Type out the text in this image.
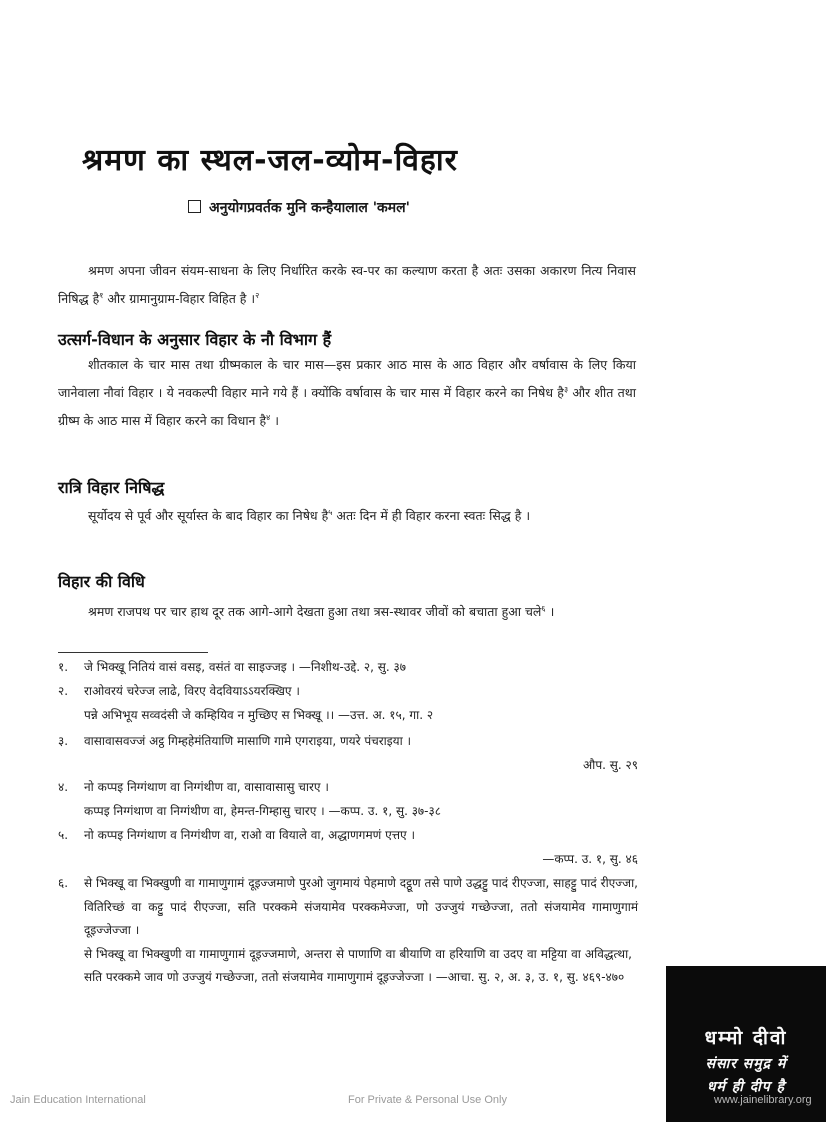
श्रमण का स्थल-जल-व्योम-विहार
अनुयोगप्रवर्तक मुनि कन्हैयालाल 'कमल'
श्रमण अपना जीवन संयम-साधना के लिए निर्धारित करके स्व-पर का कल्याण करता है अतः उसका अकारण नित्य निवास निषिद्ध है$^१$ और ग्रामानुग्राम-विहार विहित है ।$^२$
उत्सर्ग-विधान के अनुसार विहार के नौ विभाग हैं
शीतकाल के चार मास तथा ग्रीष्मकाल के चार मास—इस प्रकार आठ मास के आठ विहार और वर्षावास के लिए किया जानेवाला नौवां विहार । ये नवकल्पी विहार माने गये हैं । क्योंकि वर्षावास के चार मास में विहार करने का निषेध है$^३$ और शीत तथा ग्रीष्म के आठ मास में विहार करने का विधान है$^४$ ।
रात्रि विहार निषिद्ध
सूर्योदय से पूर्व और सूर्यास्त के बाद विहार का निषेध है$^५$ अतः दिन में ही विहार करना स्वतः सिद्ध है ।
विहार की विधि
श्रमण राजपथ पर चार हाथ दूर तक आगे-आगे देखता हुआ तथा त्रस-स्थावर जीवों को बचाता हुआ चले$^६$ ।
१. जे भिक्खू नितियं वासं वसइ, वसंतं वा साइज्जइ । —निशीथ-उद्दे. २, सु. ३७
२. राओवरयं चरेज्ज लाढे, विरए वेदवियाऽऽयरक्खिए ।
पन्ने अभिभूय सव्वदंसी जे कम्हियिव न मुच्छिए स भिक्खू ।। —उत्त. अ. १५, गा. २
३. वासावासवज्जं अट्ठ गिम्हहेमंतियाणि मासाणि गामे एगराइया, णयरे पंचराइया ।
औप. सु. २९
४. नो कप्पइ निग्गंथाण वा निग्गंथीण वा, वासावासासु चारए ।
कप्पइ निग्गंथाण वा निग्गंथीण वा, हेमन्त-गिम्हासु चारए । —कप्प. उ. १, सु. ३७-३८
५. नो कप्पइ निग्गंथाण व निग्गंथीण वा, राओ वा वियाले वा, अद्धाणगमणं एत्तए ।
—कप्प. उ. १, सु. ४६
६.	से भिक्खू वा भिक्खुणी वा गामाणुगामं दूइज्जमाणे पुरओ जुगमायं पेहमाणे दट्ठूण तसे पाणे उद्धट्टु पादं रीएज्जा, साहट्टु पादं रीएज्जा, वितिरिच्छं वा कट्टु पादं रीएज्जा, सति परक्कमे संजयामेव परक्कमेज्जा, णो उज्जुयं गच्छेज्जा, ततो संजयामेव गामाणुगामं दूइज्जेज्जा ।
से भिक्खू वा भिक्खुणी वा गामाणुगामं दूइज्जमाणे, अन्तरा से पाणाणि वा बीयाणि वा हरियाणि वा उदए वा मट्टिया वा अविद्धत्था, सति परक्कमे जाव णो उज्जुयं गच्छेज्जा, ततो संजयामेव गामाणुगामं दूइज्जेज्जा । —आचा. सु. २, अ. ३, उ. १, सु. ४६९-४७०
धम्मो दीवो
संसार समुद्र में
धर्म ही दीप है
Jain Education International	For Private & Personal Use Only	www.jainelibrary.org
